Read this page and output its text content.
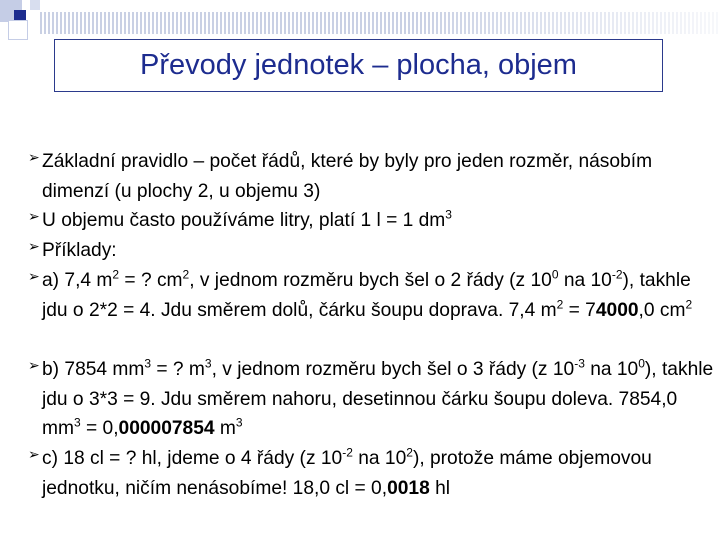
Převody jednotek – plocha, objem
➢ Základní pravidlo – počet řádů, které by byly pro jeden rozměr, násobím dimenzí (u plochy 2, u objemu 3)
➢ U objemu často používáme litry, platí 1 l = 1 $dm^3$
➢ Příklady:
➢ a) 7,4 $m^2$ = ? $cm^2$, v jednom rozměru bych šel o 2 řády (z $10^0$ na $10^{-2}$), takhle jdu o 2*2 = 4. Jdu směrem dolů, čárku šoupu doprava. 7,4 $m^2 = 74000,0$ $cm^2$
➢ b) 7854 $mm^3$ = ? $m^3$, v jednom rozměru bych šel o 3 řády (z $10^{-3}$ na $10^0$), takhle jdu o 3*3 = 9. Jdu směrem nahoru, desetinnou čárku šoupu doleva. 7854,0 $mm^3 = 0,000007854$ $m^3$
➢ c) 18 cl = ? hl, jdeme o 4 řády (z $10^{-2}$ na $10^2$), protože máme objemovou jednotku, ničím nenásobíme! 18,0 cl = 0,0018 hl
